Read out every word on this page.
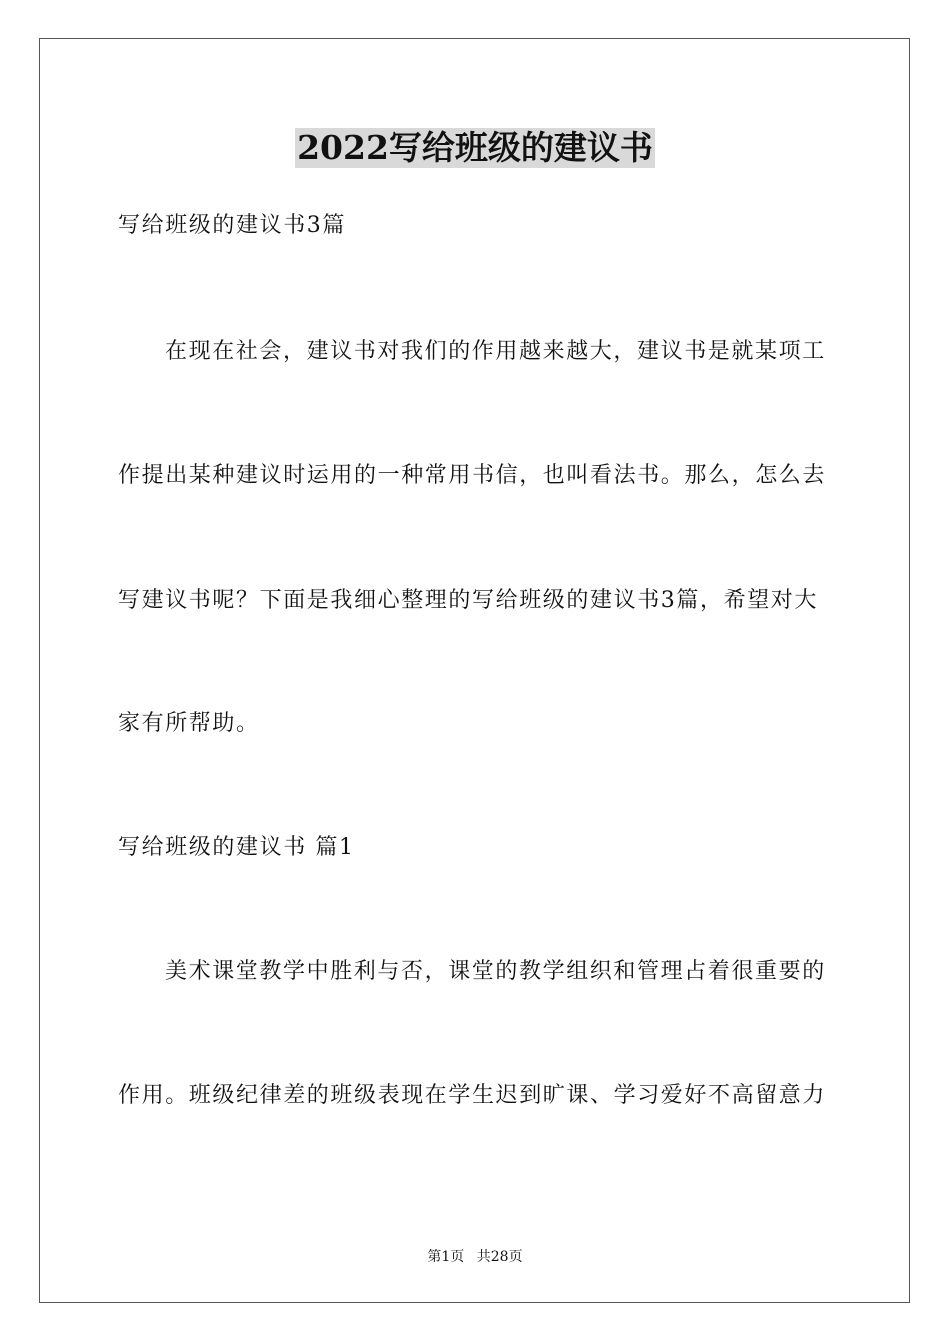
2022写给班级的建议书
写给班级的建议书3篇
在现在社会，建议书对我们的作用越来越大，建议书是就某项工
作提出某种建议时运用的一种常用书信，也叫看法书。那么，怎么去
写建议书呢？下面是我细心整理的写给班级的建议书3篇，希望对大
家有所帮助。
写给班级的建议书 篇1
美术课堂教学中胜利与否，课堂的教学组织和管理占着很重要的
作用。班级纪律差的班级表现在学生迟到旷课、学习爱好不高留意力
第1页 共28页
